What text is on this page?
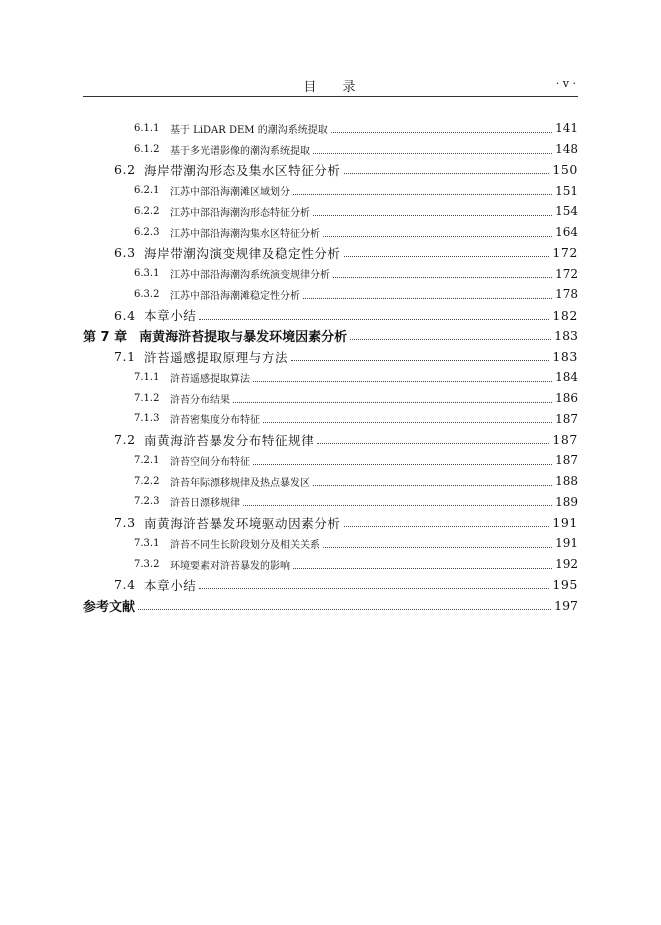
目 录	· v ·
6.1.1	基于 LiDAR DEM 的潮沟系统提取	141
6.1.2	基于多光谱影像的潮沟系统提取	148
6.2 海岸带潮沟形态及集水区特征分析	150
6.2.1	江苏中部沿海潮滩区域划分	151
6.2.2	江苏中部沿海潮沟形态特征分析	154
6.2.3	江苏中部沿海潮沟集水区特征分析	164
6.3 海岸带潮沟演变规律及稳定性分析	172
6.3.1	江苏中部沿海潮沟系统演变规律分析	172
6.3.2	江苏中部沿海潮滩稳定性分析	178
6.4 本章小结	182
第 7 章 南黄海浒苔提取与暴发环境因素分析	183
7.1 浒苔遥感提取原理与方法	183
7.1.1	浒苔遥感提取算法	184
7.1.2	浒苔分布结果	186
7.1.3	浒苔密集度分布特征	187
7.2 南黄海浒苔暴发分布特征规律	187
7.2.1	浒苔空间分布特征	187
7.2.2	浒苔年际漂移规律及热点暴发区	188
7.2.3	浒苔日漂移规律	189
7.3 南黄海浒苔暴发环境驱动因素分析	191
7.3.1	浒苔不同生长阶段划分及相关关系	191
7.3.2	环境要素对浒苔暴发的影响	192
7.4 本章小结	195
参考文献	197
